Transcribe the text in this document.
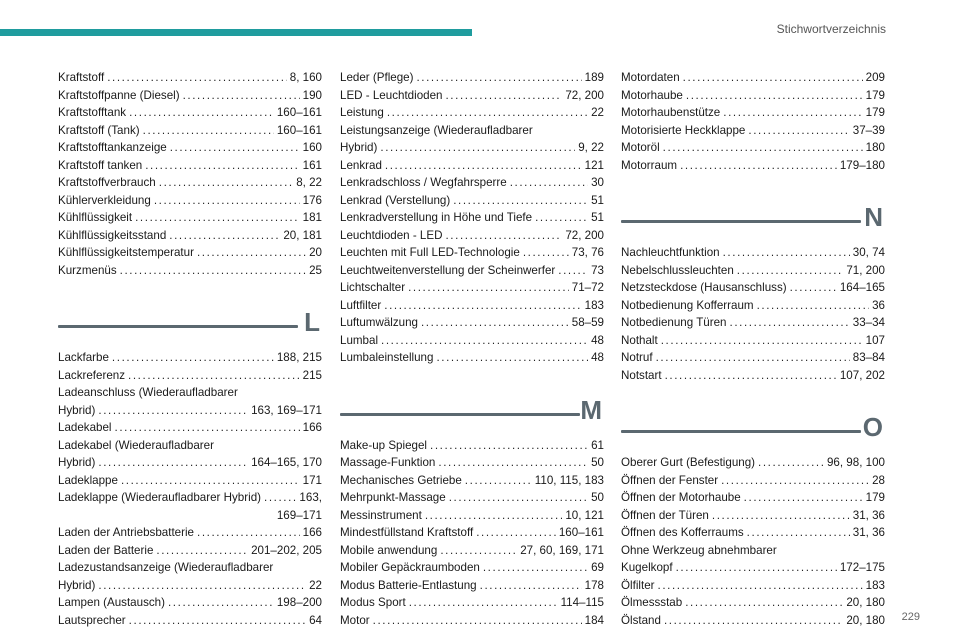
Stichwortverzeichnis
Kraftstoff .....	8, 160
Kraftstoffpanne (Diesel) .....	190
Kraftstofftank .....	160–161
Kraftstoff (Tank) .....	160–161
Kraftstofftankanzeige .....	160
Kraftstoff tanken .....	161
Kraftstoffverbrauch .....	8, 22
Kühlerverkleidung .....	176
Kühlflüssigkeit .....	181
Kühlflüssigkeitsstand .....	20, 181
Kühlflüssigkeitstemperatur .....	20
Kurzmenüs .....	25
L
Lackfarbe .....	188, 215
Lackreferenz .....	215
Ladeanschluss (Wiederaufladbarer
Hybrid) .....	163, 169–171
Ladekabel .....	166
Ladekabel (Wiederaufladbarer
Hybrid) .....	164–165, 170
Ladeklappe .....	171
Ladeklappe (Wiederaufladbarer Hybrid) .....	163,
169–171
Laden der Antriebsbatterie .....	166
Laden der Batterie .....	201–202, 205
Ladezustandsanzeige (Wiederaufladbarer
Hybrid) .....	22
Lampen (Austausch) .....	198–200
Lautsprecher .....	64
Leder (Pflege) .....	189
LED - Leuchtdioden .....	72, 200
Leistung .....	22
Leistungsanzeige (Wiederaufladbarer
Hybrid) .....	9, 22
Lenkrad .....	121
Lenkradschloss / Wegfahrsperre .....	30
Lenkrad (Verstellung) .....	51
Lenkradverstellung in Höhe und Tiefe .....	51
Leuchtdioden - LED .....	72, 200
Leuchten mit Full LED-Technologie .....	73, 76
Leuchtweitenverstellung der Scheinwerfer .....	73
Lichtschalter .....	71–72
Luftfilter .....	183
Luftumwälzung .....	58–59
Lumbal .....	48
Lumbaleinstellung .....	48
M
Make-up Spiegel .....	61
Massage-Funktion .....	50
Mechanisches Getriebe .....	110, 115, 183
Mehrpunkt-Massage .....	50
Messinstrument .....	10, 121
Mindestfüllstand Kraftstoff .....	160–161
Mobile anwendung .....	27, 60, 169, 171
Mobiler Gepäckraumboden .....	69
Modus Batterie-Entlastung .....	178
Modus Sport .....	114–115
Motor .....	184
Motordaten .....	209
Motorhaube .....	179
Motorhaubenstütze .....	179
Motorisierte Heckklappe .....	37–39
Motoröl .....	180
Motorraum .....	179–180
N
Nachleuchtfunktion .....	30, 74
Nebelschlussleuchten .....	71, 200
Netzsteckdose (Hausanschluss) .....	164–165
Notbedienung Kofferraum .....	36
Notbedienung Türen .....	33–34
Nothalt .....	107
Notruf .....	83–84
Notstart .....	107, 202
O
Oberer Gurt (Befestigung) .....	96, 98, 100
Öffnen der Fenster .....	28
Öffnen der Motorhaube .....	179
Öffnen der Türen .....	31, 36
Öffnen des Kofferraums .....	31, 36
Ohne Werkzeug abnehmbarer
Kugelkopf .....	172–175
Ölfilter .....	183
Ölmessstab .....	20, 180
Ölstand .....	20, 180 229
